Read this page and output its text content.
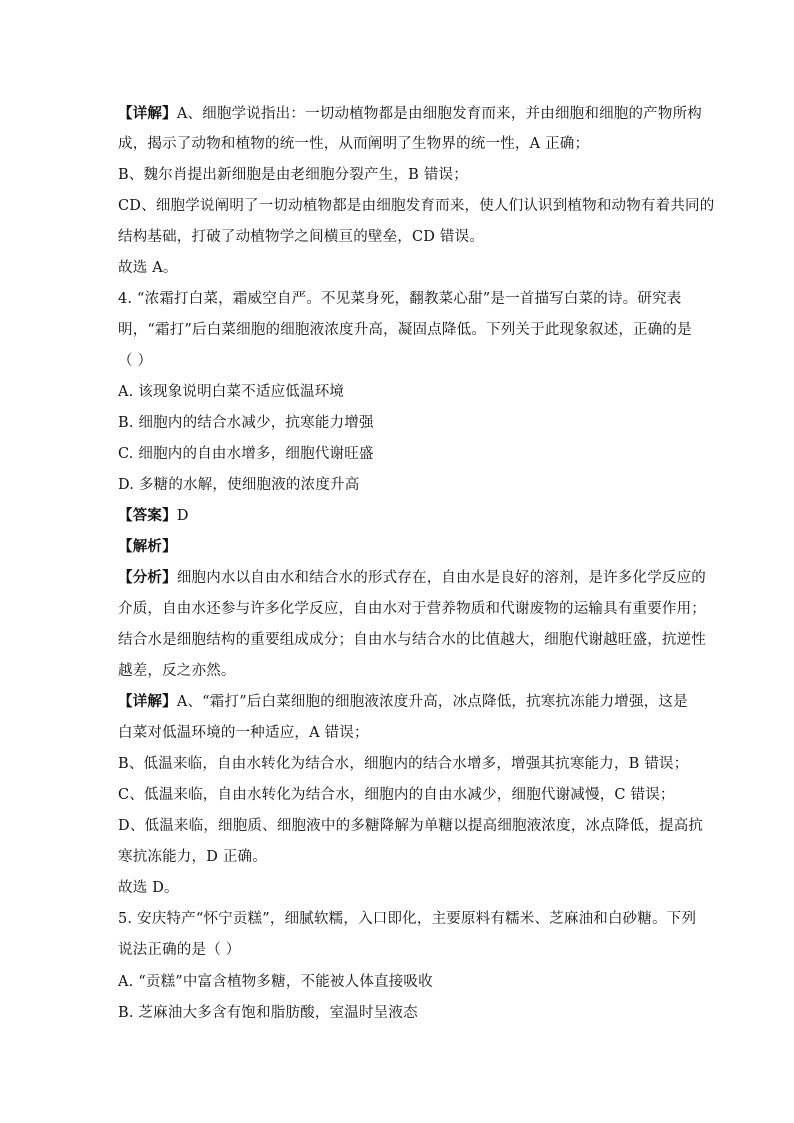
【详解】A、细胞学说指出：一切动植物都是由细胞发育而来，并由细胞和细胞的产物所构
成，揭示了动物和植物的统一性，从而阐明了生物界的统一性，A 正确；
B、魏尔肖提出新细胞是由老细胞分裂产生，B 错误；
CD、细胞学说阐明了一切动植物都是由细胞发育而来，使人们认识到植物和动物有着共同的
结构基础，打破了动植物学之间横亘的壁垒，CD 错误。
故选 A。
4. “浓霜打白菜，霜威空自严。不见菜身死，翻教菜心甜”是一首描写白菜的诗。研究表
明，“霜打”后白菜细胞的细胞液浓度升高，凝固点降低。下列关于此现象叙述，正确的是
（ ）
A. 该现象说明白菜不适应低温环境
B. 细胞内的结合水减少，抗寒能力增强
C. 细胞内的自由水增多，细胞代谢旺盛
D. 多糖的水解，使细胞液的浓度升高
【答案】D
【解析】
【分析】细胞内水以自由水和结合水的形式存在，自由水是良好的溶剂，是许多化学反应的
介质，自由水还参与许多化学反应，自由水对于营养物质和代谢废物的运输具有重要作用；
结合水是细胞结构的重要组成成分；自由水与结合水的比值越大，细胞代谢越旺盛，抗逆性
越差，反之亦然。
【详解】A、“霜打”后白菜细胞的细胞液浓度升高，冰点降低，抗寒抗冻能力增强，这是
白菜对低温环境的一种适应，A 错误；
B、低温来临，自由水转化为结合水，细胞内的结合水增多，增强其抗寒能力，B 错误；
C、低温来临，自由水转化为结合水，细胞内的自由水减少，细胞代谢减慢，C 错误；
D、低温来临，细胞质、细胞液中的多糖降解为单糖以提高细胞液浓度，冰点降低，提高抗
寒抗冻能力，D 正确。
故选 D。
5. 安庆特产“怀宁贡糕”，细腻软糯，入口即化，主要原料有糯米、芝麻油和白砂糖。下列
说法正确的是（ ）
A. “贡糕”中富含植物多糖，不能被人体直接吸收
B. 芝麻油大多含有饱和脂肪酸，室温时呈液态
